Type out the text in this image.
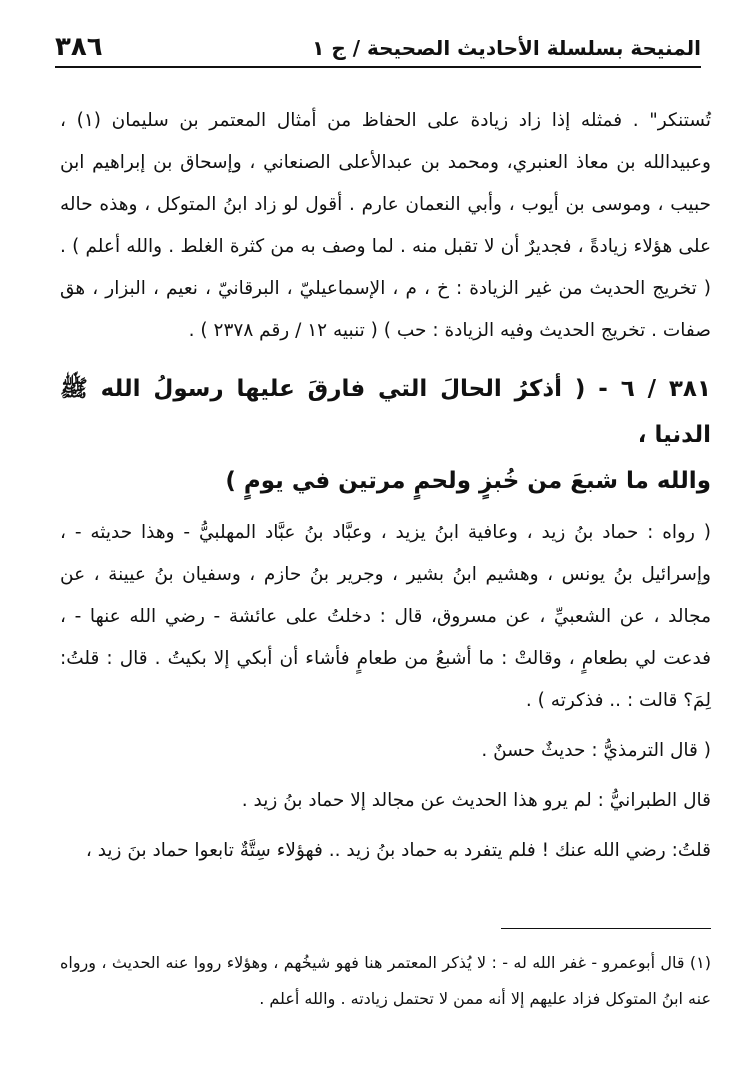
٣٨٦	المنيحة بسلسلة الأحاديث الصحيحة / ج ١

تُستنكر" . فمثله إذا زاد زيادة على الحفاظ من أمثال المعتمر بن سليمان (١) ، وعبيدالله بن معاذ العنبري، ومحمد بن عبدالأعلى الصنعاني ، وإسحاق بن إبراهيم ابن حبيب ، وموسى بن أيوب ، وأبي النعمان عارم . أقول لو زاد ابنُ المتوكل ، وهذه حاله على هؤلاء زيادةً ، فجديرٌ أن لا تقبل منه . لما وصف به من كثرة الغلط . والله أعلم ) . ( تخريج الحديث من غير الزيادة : خ ، م ، الإسماعيليّ ، البرقانيّ ، نعيم ، البزار ، هق صفات . تخريج الحديث وفيه الزيادة : حب ) ( تنبيه ١٢ / رقم ٢٣٧٨ ) .

٣٨١ / ٦ - ( أذكرُ الحالَ التي فارقَ عليها رسولُ الله ﷺ الدنيا ،
والله ما شبعَ من خُبزٍ ولحمٍ مرتين في يومٍ )

( رواه : حماد بنُ زيد ، وعافية ابنُ يزيد ، وعبَّاد بنُ عبَّاد المهلبيُّ - وهذا حديثه - ، وإسرائيل بنُ يونس ، وهشيم ابنُ بشير ، وجرير بنُ حازم ، وسفيان بنُ عيينة ، عن مجالد ، عن الشعبيِّ ، عن مسروق، قال : دخلتُ على عائشة - رضي الله عنها - ، فدعت لي بطعامٍ ، وقالتْ : ما أشبعُ من طعامٍ فأشاء أن أبكي إلا بكيتُ . قال : قلتُ: لِمَ؟ قالت : .. فذكرته ) .

( قال الترمذيُّ : حديثٌ حسنٌ .

قال الطبرانيُّ : لم يرو هذا الحديث عن مجالد إلا حماد بنُ زيد .

قلتُ: رضي الله عنك ! فلم يتفرد به حماد بنُ زيد .. فهؤلاء سِتَّةٌ تابعوا حماد بنَ زيد ،

(١) قال أبوعمرو - غفر الله له - : لا يُذكر المعتمر هنا فهو شيخُهم ، وهؤلاء رووا عنه الحديث ، ورواه عنه ابنُ المتوكل فزاد عليهم إلا أنه ممن لا تحتمل زيادته . والله أعلم .
